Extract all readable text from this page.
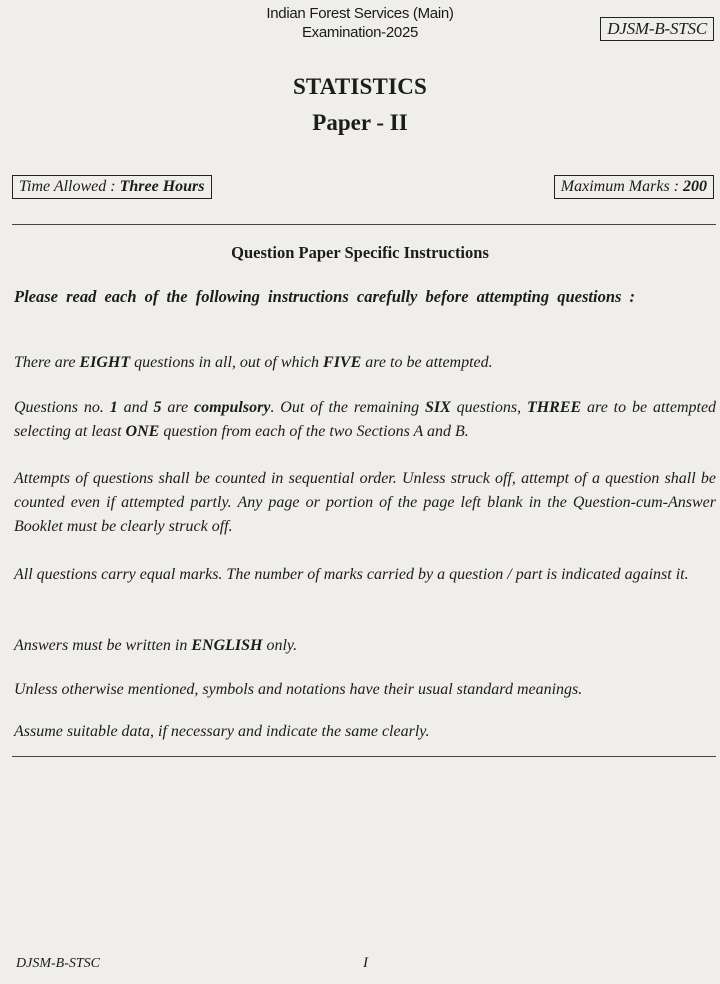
Indian Forest Services (Main)
Examination-2025	DJSM-B-STSC
STATISTICS
Paper - II
Time Allowed : Three Hours	Maximum Marks : 200
Question Paper Specific Instructions
Please read each of the following instructions carefully before attempting questions :
There are EIGHT questions in all, out of which FIVE are to be attempted.
Questions no. 1 and 5 are compulsory. Out of the remaining SIX questions, THREE are to be attempted selecting at least ONE question from each of the two Sections A and B.
Attempts of questions shall be counted in sequential order. Unless struck off, attempt of a question shall be counted even if attempted partly. Any page or portion of the page left blank in the Question-cum-Answer Booklet must be clearly struck off.
All questions carry equal marks. The number of marks carried by a question / part is indicated against it.
Answers must be written in ENGLISH only.
Unless otherwise mentioned, symbols and notations have their usual standard meanings.
Assume suitable data, if necessary and indicate the same clearly.
DJSM-B-STSC	I
